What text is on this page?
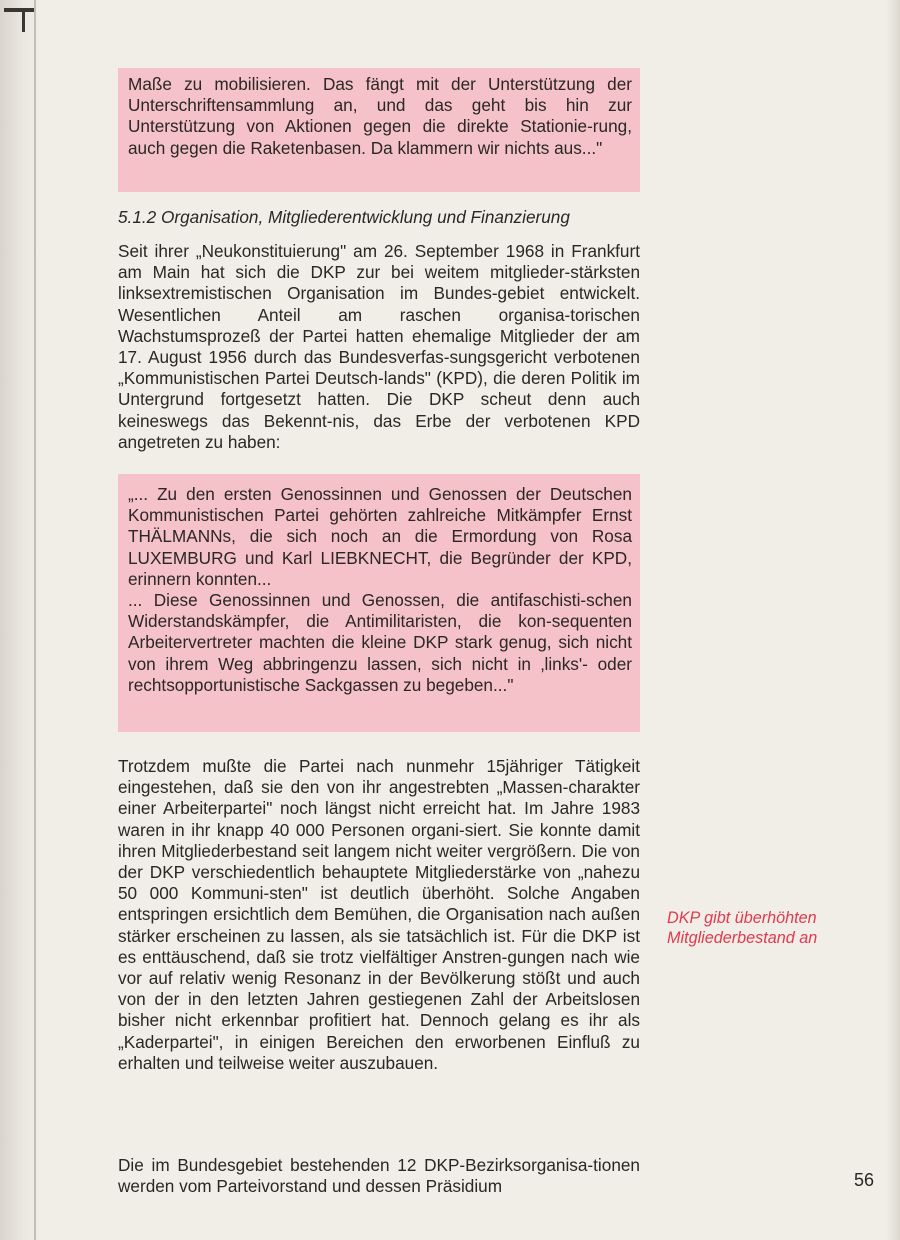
Maße zu mobilisieren. Das fängt mit der Unterstützung der Unterschriftensammlung an, und das geht bis hin zur Unterstützung von Aktionen gegen die direkte Stationie-rung, auch gegen die Raketenbasen. Da klammern wir nichts aus..."

5.1.2 Organisation, Mitgliederentwicklung und Finanzierung

Seit ihrer „Neukonstituierung" am 26. September 1968 in Frankfurt am Main hat sich die DKP zur bei weitem mitglieder-stärksten linksextremistischen Organisation im Bundes-gebiet entwickelt. Wesentlichen Anteil am raschen organisa-torischen Wachstumsprozeß der Partei hatten ehemalige Mitglieder der am 17. August 1956 durch das Bundesverfas-sungsgericht verbotenen „Kommunistischen Partei Deutsch-lands" (KPD), die deren Politik im Untergrund fortgesetzt hatten. Die DKP scheut denn auch keineswegs das Bekennt-nis, das Erbe der verbotenen KPD angetreten zu haben:

„... Zu den ersten Genossinnen und Genossen der Deutschen Kommunistischen Partei gehörten zahlreiche Mitkämpfer Ernst THÄLMANNs, die sich noch an die Ermordung von Rosa LUXEMBURG und Karl LIEBKNECHT, die Begründer der KPD, erinnern konnten...

... Diese Genossinnen und Genossen, die antifaschisti-schen Widerstandskämpfer, die Antimilitaristen, die kon-sequenten Arbeitervertreter machten die kleine DKP stark genug, sich nicht von ihrem Weg abbringenzu lassen, sich nicht in ‚links'- oder rechtsopportunistische Sackgassen zu begeben..."

Trotzdem mußte die Partei nach nunmehr 15jähriger Tätigkeit eingestehen, daß sie den von ihr angestrebten „Massen-charakter einer Arbeiterpartei" noch längst nicht erreicht hat. Im Jahre 1983 waren in ihr knapp 40 000 Personen organi-siert. Sie konnte damit ihren Mitgliederbestand seit langem nicht weiter vergrößern. Die von der DKP verschiedentlich behauptete Mitgliederstärke von „nahezu 50 000 Kommuni-sten" ist deutlich überhöht. Solche Angaben entspringen ersichtlich dem Bemühen, die Organisation nach außen stärker erscheinen zu lassen, als sie tatsächlich ist. Für die DKP ist es enttäuschend, daß sie trotz vielfältiger Anstren-gungen nach wie vor auf relativ wenig Resonanz in der Bevölkerung stößt und auch von der in den letzten Jahren gestiegenen Zahl der Arbeitslosen bisher nicht erkennbar profitiert hat. Dennoch gelang es ihr als „Kaderpartei", in einigen Bereichen den erworbenen Einfluß zu erhalten und teilweise weiter auszubauen.

Die im Bundesgebiet bestehenden 12 DKP-Bezirksorganisa-tionen werden vom Parteivorstand und dessen Präsidium

DKP gibt überhöhten Mitgliederbestand an

56
